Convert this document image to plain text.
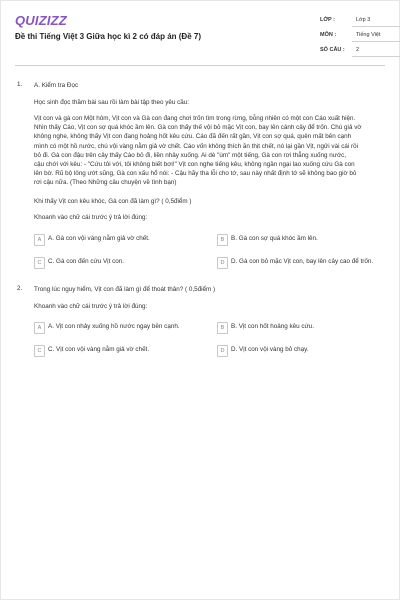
QUIZIZZ
Đề thi Tiếng Việt 3 Giữa học kì 2 có đáp án (Đề 7)
LỚP :	Lớp 3
MÔN :	Tiếng Việt
SỐ CÂU : 2
1. A. Kiểm tra Đọc
Học sinh đọc thầm bài sau rồi làm bài tập theo yêu cầu:
Vịt con và gà con Một hôm, Vịt con và Gà con đang chơi trốn tìm trong rừng, bỗng nhiên có một con Cáo xuất hiện.
Nhìn thấy Cáo, Vịt con sợ quá khóc ầm lên. Gà con thấy thế vội bỏ mặc Vịt con, bay lên cành cây để trốn. Chú giả vờ
không nghe, không thấy Vịt con đang hoảng hốt kêu cứu. Cáo đã đến rất gần, Vịt con sợ quá, quên mất bên cạnh
mình có một hồ nước, chú vội vàng nằm giả vờ chết. Cáo vốn không thích ăn thịt chết, nó lại gần Vịt, ngửi vài cái rồi
bỏ đi. Gà con đậu trên cây thấy Cáo bỏ đi, liền nhảy xuống. Ai dè "ùm" một tiếng, Gà con rơi thẳng xuống nước,
cậu chới với kêu: - "Cứu tôi với, tôi không biết bơi!" Vịt con nghe tiếng kêu, không ngần ngại lao xuống cứu Gà con
lên bờ. Rũ bộ lông ướt sũng, Gà con xấu hổ nói: - Cậu hãy tha lỗi cho tớ, sau này nhất định tớ sẽ không bao giờ bỏ
rơi cậu nữa. (Theo Những câu chuyện về tình bạn)
Khi thấy Vịt con kêu khóc, Gà con đã làm gì? ( 0,5điểm )
Khoanh vào chữ cái trước ý trả lời đúng:
A	A. Gà con vội vàng nằm giả vờ chết.	B	B. Gà con sợ quá khóc ầm lên.
C	C. Gà con đến cứu Vịt con.	D	D. Gà con bỏ mặc Vịt con, bay lên cây cao để trốn.
2. Trong lúc nguy hiểm, Vịt con đã làm gì để thoát thân? ( 0,5điểm )
Khoanh vào chữ cái trước ý trả lời đúng:
A	A. Vịt con nhảy xuống hồ nước ngay bên cạnh.	B	B. Vịt con hốt hoảng kêu cứu.
C	C. Vịt con vội vàng nằm giả vờ chết.	D	D. Vịt con vội vàng bỏ chạy.
